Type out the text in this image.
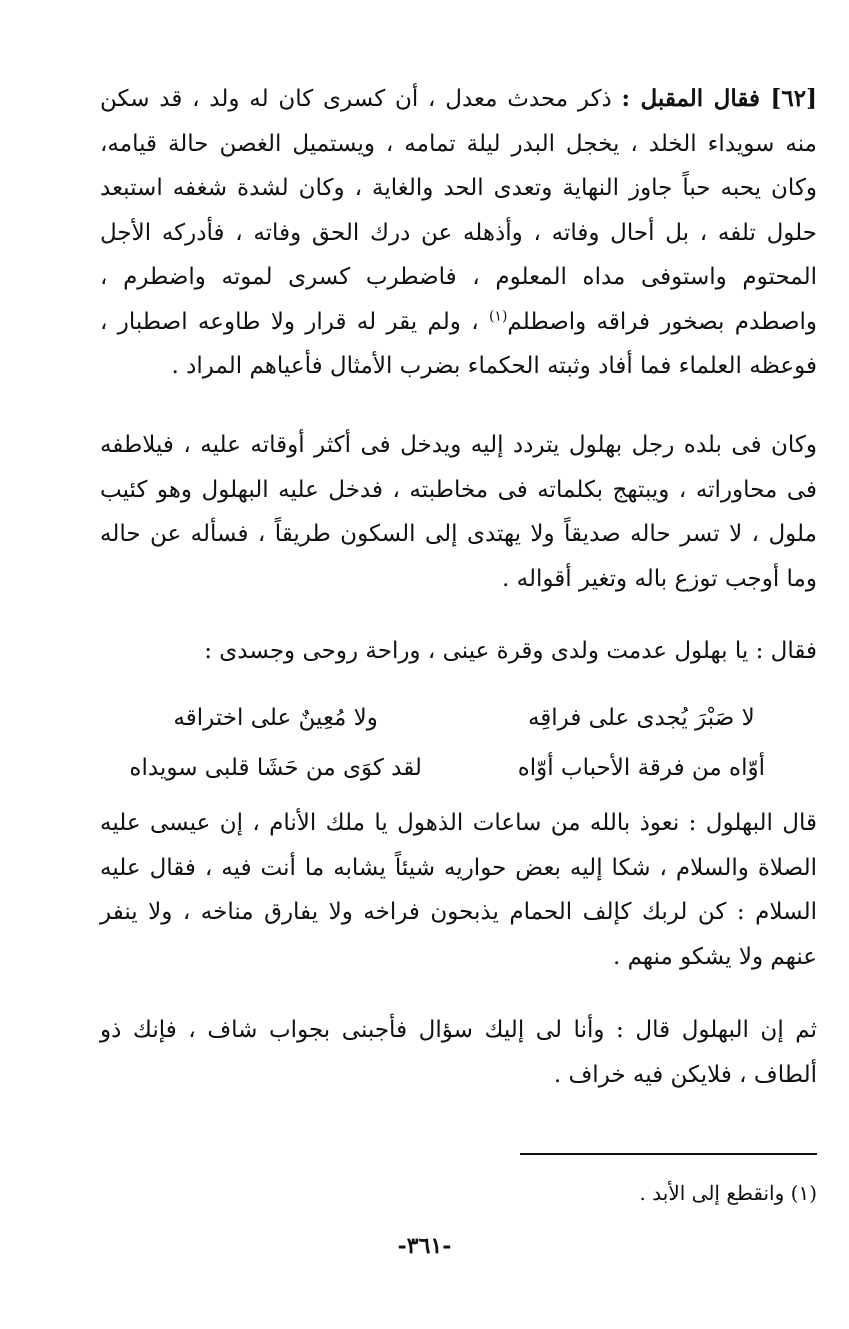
[٦٢] فقال المقبل : ذكر محدث معدل ، أن كسرى كان له ولد ، قد سكن منه سويداء الخلد ، يخجل البدر ليلة تمامه ، ويستميل الغصن حالة قيامه، وكان يحبه حباً جاوز النهاية وتعدى الحد والغاية ، وكان لشدة شغفه استبعد حلول تلفه ، بل أحال وفاته ، وأذهله عن درك الحق وفاته ، فأدركه الأجل المحتوم واستوفى مداه المعلوم ، فاضطرب كسرى لموته واضطرم ، واصطدم بصخور فراقه واصطلم$^{(١)}$ ، ولم يقر له قرار ولا طاوعه اصطبار ، فوعظه العلماء فما أفاد وثبته الحكماء بضرب الأمثال فأعياهم المراد .

وكان فى بلده رجل بهلول يتردد إليه ويدخل فى أكثر أوقاته عليه ، فيلاطفه فى محاوراته ، ويبتهج بكلماته فى مخاطبته ، فدخل عليه البهلول وهو كئيب ملول ، لا تسر حاله صديقاً ولا يهتدى إلى السكون طريقاً ، فسأله عن حاله وما أوجب توزع باله وتغير أقواله .

فقال : يا بهلول عدمت ولدى وقرة عينى ، وراحة روحى وجسدى :

لا صَبْرَ يُجدى على فراقِه
ولا مُعِينٌ على اختراقه
أوّاه من فرقة الأحباب أوّاه
لقد كوَى من حَشَا قلبى سويداه

قال البهلول : نعوذ بالله من ساعات الذهول يا ملك الأنام ، إن عيسى عليه الصلاة والسلام ، شكا إليه بعض حواريه شيئاً يشابه ما أنت فيه ، فقال عليه السلام : كن لربك كإلف الحمام يذبحون فراخه ولا يفارق مناخه ، ولا ينفر عنهم ولا يشكو منهم .

ثم إن البهلول قال : وأنا لى إليك سؤال فأجبنى بجواب شاف ، فإنك ذو ألطاف ، فلايكن فيه خراف .

(١) وانقطع إلى الأبد .
-٣٦١-
